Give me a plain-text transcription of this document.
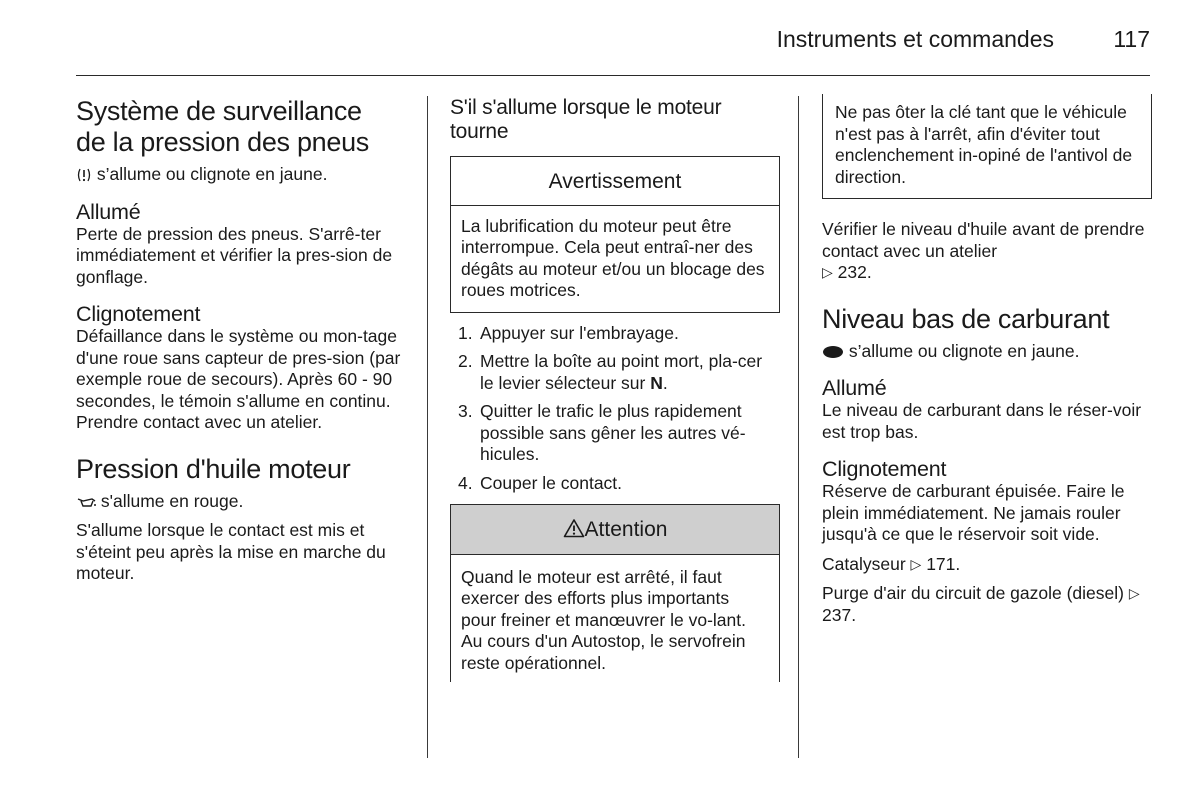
Instruments et commandes	117
Système de surveillance
de la pression des pneus

s’allume ou clignote en jaune.

Allumé

Perte de pression des pneus. S'arrê-ter immédiatement et vérifier la pres-sion de gonflage.

Clignotement

Défaillance dans le système ou mon-tage d'une roue sans capteur de pres-sion (par exemple roue de secours). Après 60 - 90 secondes, le témoin s'allume en continu. Prendre contact avec un atelier.

Pression d'huile moteur

s'allume en rouge.

S'allume lorsque le contact est mis et s'éteint peu après la mise en marche du moteur.

S'il s'allume lorsque le moteur tourne
Avertissement
La lubrification du moteur peut être interrompue. Cela peut entraî-ner des dégâts au moteur et/ou un blocage des roues motrices.
1. Appuyer sur l'embrayage.
2. Mettre la boîte au point mort, pla-cer le levier sélecteur sur N.
3. Quitter le trafic le plus rapidement possible sans gêner les autres vé-hicules.
4. Couper le contact.
Attention
Quand le moteur est arrêté, il faut exercer des efforts plus importants pour freiner et manœuvrer le vo-lant. Au cours d'un Autostop, le servofrein reste opérationnel.
Ne pas ôter la clé tant que le véhicule n'est pas à l'arrêt, afin d'éviter tout enclenchement in-opiné de l'antivol de direction.

Vérifier le niveau d'huile avant de prendre contact avec un atelier
▷ 232.

Niveau bas de carburant

s’allume ou clignote en jaune.

Allumé

Le niveau de carburant dans le réser-voir est trop bas.

Clignotement

Réserve de carburant épuisée. Faire le plein immédiatement. Ne jamais rouler jusqu'à ce que le réservoir soit vide.

Catalyseur ▷ 171.

Purge d'air du circuit de gazole (diesel) ▷ 237.
